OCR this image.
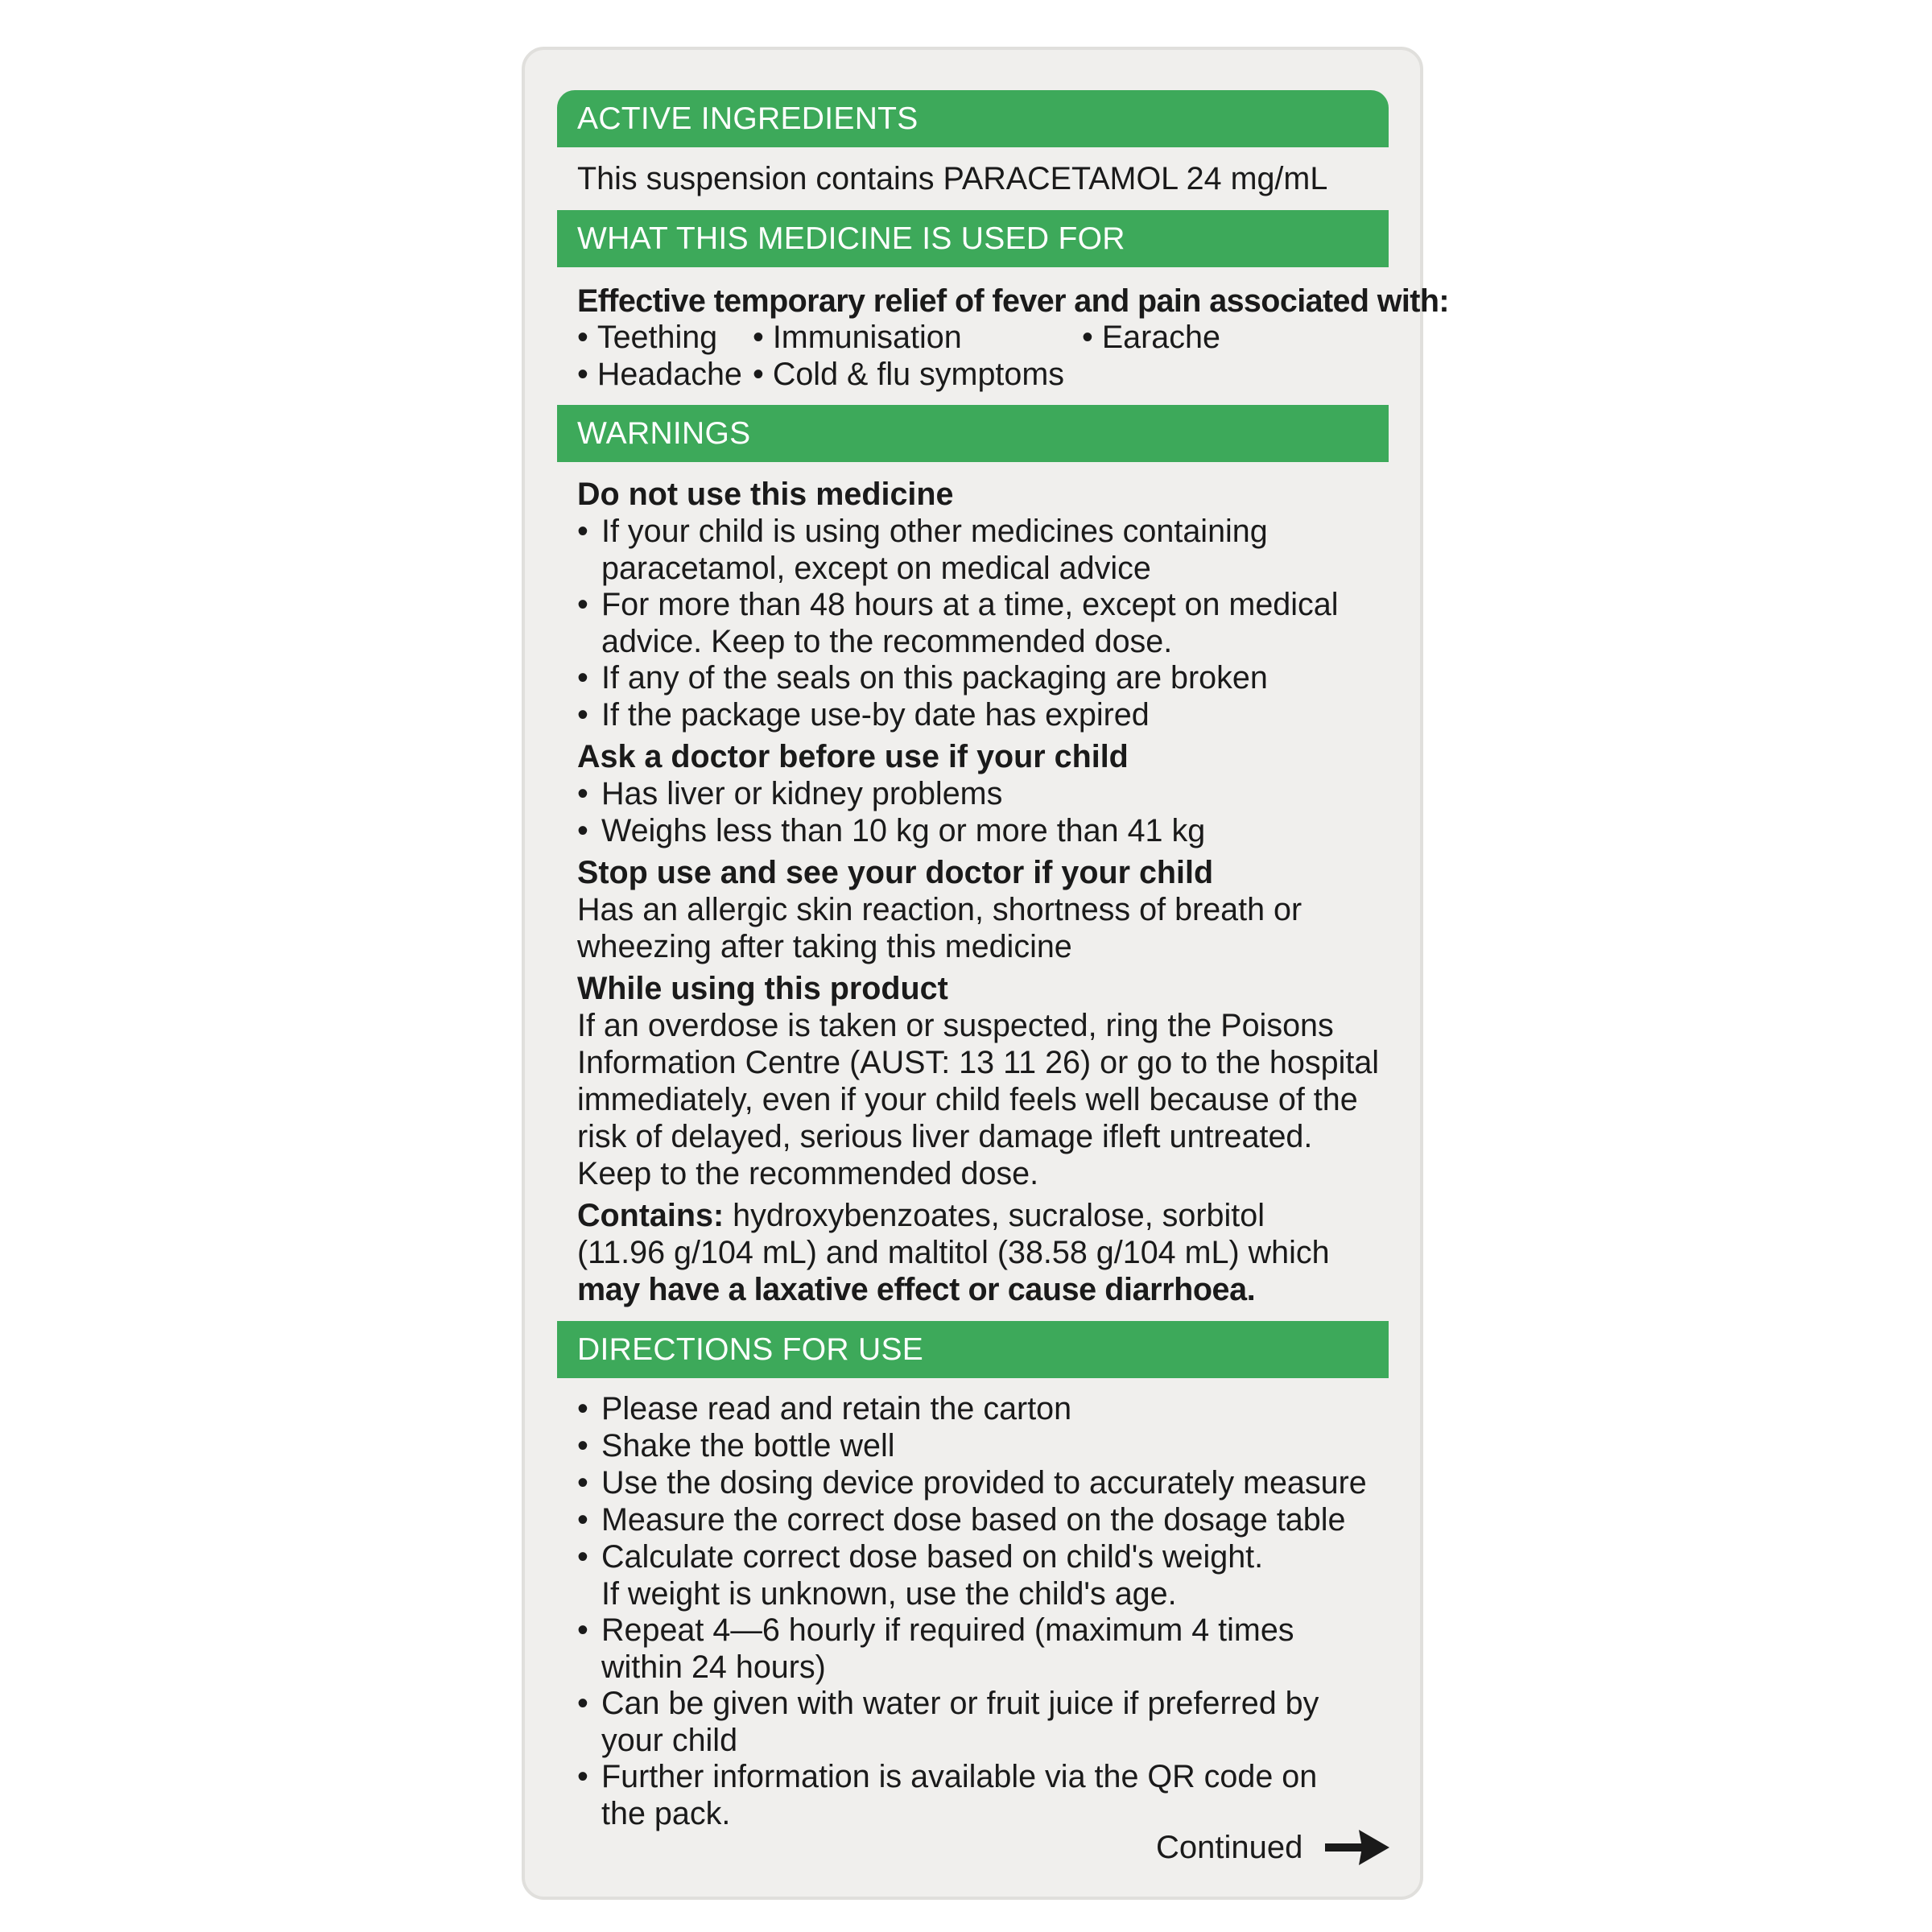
ACTIVE INGREDIENTS
This suspension contains PARACETAMOL 24 mg/mL
WHAT THIS MEDICINE IS USED FOR
Effective temporary relief of fever and pain associated with:
• Teething • Immunisation	• Earache
• Headache • Cold & flu symptoms
WARNINGS
Do not use this medicine
• If your child is using other medicines containing
paracetamol, except on medical advice
• For more than 48 hours at a time, except on medical
advice. Keep to the recommended dose.
• If any of the seals on this packaging are broken
• If the package use-by date has expired
Ask a doctor before use if your child
• Has liver or kidney problems
• Weighs less than 10 kg or more than 41 kg
Stop use and see your doctor if your child
Has an allergic skin reaction, shortness of breath or
wheezing after taking this medicine
While using this product
If an overdose is taken or suspected, ring the Poisons
Information Centre (AUST: 13 11 26) or go to the hospital
immediately, even if your child feels well because of the
risk of delayed, serious liver damage ifleft untreated.
Keep to the recommended dose.
Contains: hydroxybenzoates, sucralose, sorbitol
(11.96 g/104 mL) and maltitol (38.58 g/104 mL) which
may have a laxative effect or cause diarrhoea.
DIRECTIONS FOR USE
• Please read and retain the carton
• Shake the bottle well
• Use the dosing device provided to accurately measure
• Measure the correct dose based on the dosage table
• Calculate correct dose based on child's weight.
If weight is unknown, use the child's age.
• Repeat 4—6 hourly if required (maximum 4 times
within 24 hours)
• Can be given with water or fruit juice if preferred by
your child
• Further information is available via the QR code on
the pack.
Continued
